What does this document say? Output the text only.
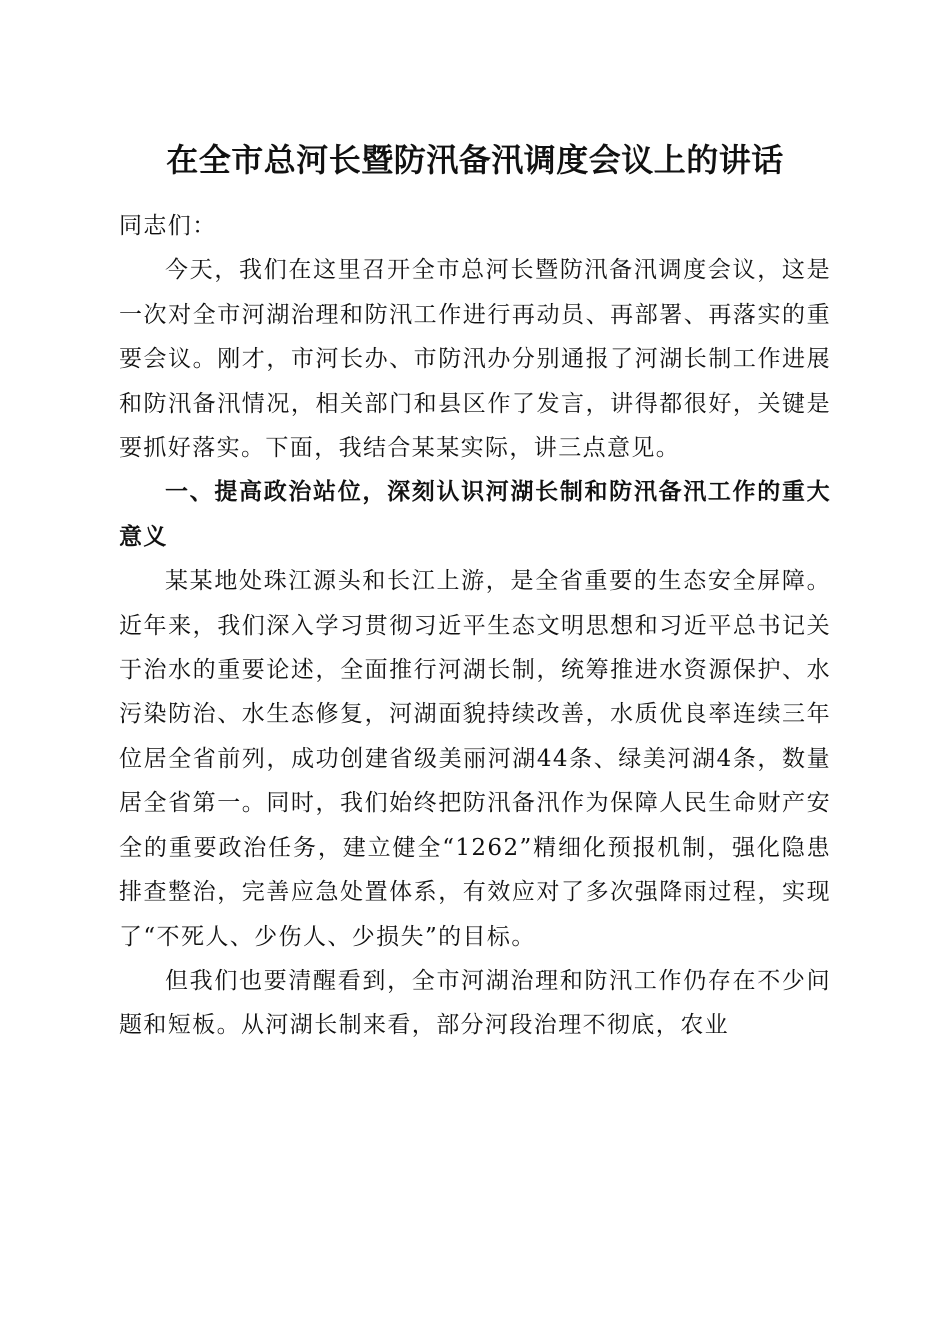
在全市总河长暨防汛备汛调度会议上的讲话

同志们：

今天，我们在这里召开全市总河长暨防汛备汛调度会议，这是一次对全市河湖治理和防汛工作进行再动员、再部署、再落实的重要会议。刚才，市河长办、市防汛办分别通报了河湖长制工作进展和防汛备汛情况，相关部门和县区作了发言，讲得都很好，关键是要抓好落实。下面，我结合某某实际，讲三点意见。

一、提高政治站位，深刻认识河湖长制和防汛备汛工作的重大意义

某某地处珠江源头和长江上游，是全省重要的生态安全屏障。近年来，我们深入学习贯彻习近平生态文明思想和习近平总书记关于治水的重要论述，全面推行河湖长制，统筹推进水资源保护、水污染防治、水生态修复，河湖面貌持续改善，水质优良率连续三年位居全省前列，成功创建省级美丽河湖44条、绿美河湖4条，数量居全省第一。同时，我们始终把防汛备汛作为保障人民生命财产安全的重要政治任务，建立健全“1262”精细化预报机制，强化隐患排查整治，完善应急处置体系，有效应对了多次强降雨过程，实现了“不死人、少伤人、少损失”的目标。

但我们也要清醒看到，全市河湖治理和防汛工作仍存在不少问题和短板。从河湖长制来看，部分河段治理不彻底，农业
